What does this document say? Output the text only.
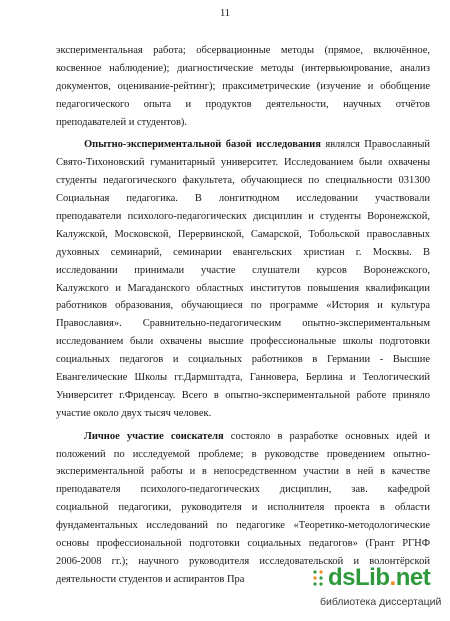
11
экспериментальная работа; обсервационные методы (прямое, включённое,
косвенное наблюдение); диагностические методы (интервьюирование, анализ
документов, оценивание-рейтинг); праксиметрические (изучение и обобщение
педагогического опыта и продуктов деятельности, научных отчётов
преподавателей и студентов).
Опытно-экспериментальной базой исследования являлся Православный
Свято-Тихоновский гуманитарный университет. Исследованием были охвачены
студенты педагогического факультета, обучающиеся по специальности 031300
Социальная педагогика. В лонгитюдном исследовании участвовали
преподаватели психолого-педагогических дисциплин и студенты Воронежской,
Калужской, Московской, Перервинской, Самарской, Тобольской православных
духовных семинарий, семинарии евангельских христиан г. Москвы. В
исследовании принимали участие слушатели курсов Воронежского,
Калужского и Магаданского областных институтов повышения квалификации
работников образования, обучающиеся по программе «История и культура
Православия». Сравнительно-педагогическим опытно-экспериментальным
исследованием были охвачены высшие профессиональные школы подготовки
социальных педагогов и социальных работников в Германии - Высшие
Евангелические Школы гг.Дармштадта, Ганновера, Берлина и Теологический
Университет г.Фриденсау. Всего в опытно-экспериментальной работе приняло
участие около двух тысяч человек.
Личное участие соискателя состояло в разработке основных идей и
положений по исследуемой проблеме; в руководстве проведением опытно-
экспериментальной работы и в непосредственном участии в ней в качестве
преподавателя психолого-педагогических дисциплин, зав. кафедрой
социальной педагогики, руководителя и исполнителя проекта в области
фундаментальных исследований по педагогике «Теоретико-методологические
основы профессиональной подготовки социальных педагогов» (Грант РГНФ
2006-2008 гг.); научного руководителя исследовательской и волонтёрской
деятельности студентов и аспирантов Пра	dsLib.net
библиотека диссертаций
